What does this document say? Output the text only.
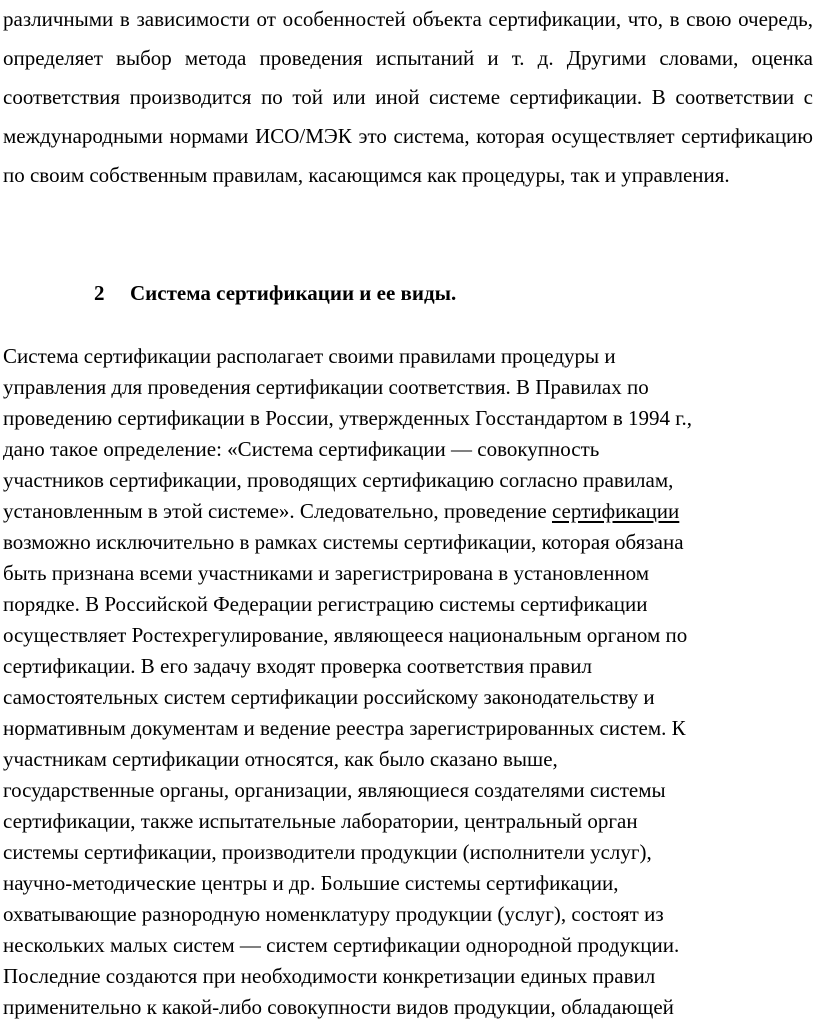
различными в зависимости от особенностей объекта сертификации, что, в свою очередь, определяет выбор метода проведения испытаний и т. д. Другими словами, оценка соответствия производится по той или иной системе сертификации. В соответствии с международными нормами ИСО/МЭК это система, которая осуществляет сертификацию по своим собственным правилам, касающимся как процедуры, так и управления.

2 Система сертификации и ее виды.
Система сертификации располагает своими правилами процедуры и
управления для проведения сертификации соответствия. В Правилах по
проведению сертификации в России, утвержденных Госстандартом в 1994 г.,
дано такое определение: «Система сертификации — совокупность
участников сертификации, проводящих сертификацию согласно правилам,
установленным в этой системе». Следовательно, проведение сертификации
возможно исключительно в рамках системы сертификации, которая обязана
быть признана всеми участниками и зарегистрирована в установленном
порядке. В Российской Федерации регистрацию системы сертификации
осуществляет Ростехрегулирование, являющееся национальным органом по
сертификации. В его задачу входят проверка соответствия правил
самостоятельных систем сертификации российскому законодательству и
нормативным документам и ведение реестра зарегистрированных систем. К
участникам сертификации относятся, как было сказано выше,
государственные органы, организации, являющиеся создателями системы
сертификации, также испытательные лаборатории, центральный орган
системы сертификации, производители продукции (исполнители услуг),
научно-методические центры и др. Большие системы сертификации,
охватывающие разнородную номенклатуру продукции (услуг), состоят из
нескольких малых систем — систем сертификации однородной продукции.
Последние создаются при необходимости конкретизации единых правил
применительно к какой-либо совокупности видов продукции, обладающей
